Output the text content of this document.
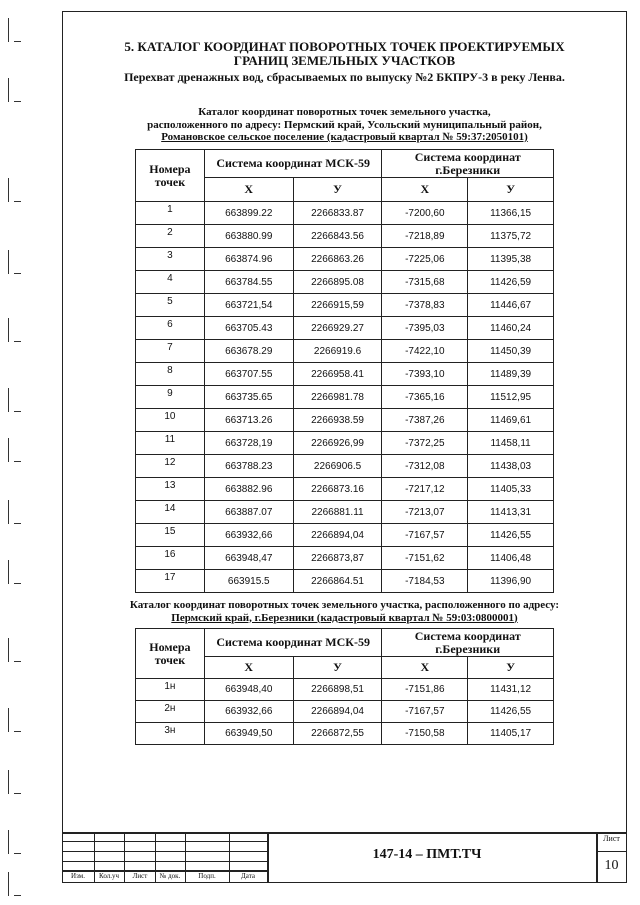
5. КАТАЛОГ КООРДИНАТ ПОВОРОТНЫХ ТОЧЕК ПРОЕКТИРУЕМЫХ
ГРАНИЦ ЗЕМЕЛЬНЫХ УЧАСТКОВ
Перехват дренажных вод, сбрасываемых по выпуску №2 БКПРУ-3 в реку Ленва.
Каталог координат поворотных точек земельного участка,
расположенного по адресу: Пермский край, Усольский муниципальный район,
Романовское сельское поселение (кадастровый квартал № 59:37:2050101)
Номера точек	Система координат МСК-59		Система координат г.Березники	
	Х	У	Х	У
1	663899.22	2266833.87	-7200,60	11366,15
2	663880.99	2266843.56	-7218,89	11375,72
3	663874.96	2266863.26	-7225,06	11395,38
4	663784.55	2266895.08	-7315,68	11426,59
5	663721,54	2266915,59	-7378,83	11446,67
6	663705.43	2266929.27	-7395,03	11460,24
7	663678.29	2266919.6	-7422,10	11450,39
8	663707.55	2266958.41	-7393,10	11489,39
9	663735.65	2266981.78	-7365,16	11512,95
10	663713.26	2266938.59	-7387,26	11469,61
11	663728,19	2266926,99	-7372,25	11458,11
12	663788.23	2266906.5	-7312,08	11438,03
13	663882.96	2266873.16	-7217,12	11405,33
14	663887.07	2266881.11	-7213,07	11413,31
15	663932,66	2266894,04	-7167,57	11426,55
16	663948,47	2266873,87	-7151,62	11406,48
17	663915.5	2266864.51	-7184,53	11396,90
Каталог координат поворотных точек земельного участка, расположенного по адресу:
Пермский край, г.Березники (кадастровый квартал № 59:03:0800001)
Номера точек	Система координат МСК-59		Система координат г.Березники	
	Х	У	Х	У
1н	663948,40	2266898,51	-7151,86	11431,12
2н	663932,66	2266894,04	-7167,57	11426,55
3н	663949,50	2266872,55	-7150,58	11405,17
Изм.	Кол.уч	Лист	№ док.	Подп.	Дата
147-14 – ПМТ.ТЧ
Лист
10
